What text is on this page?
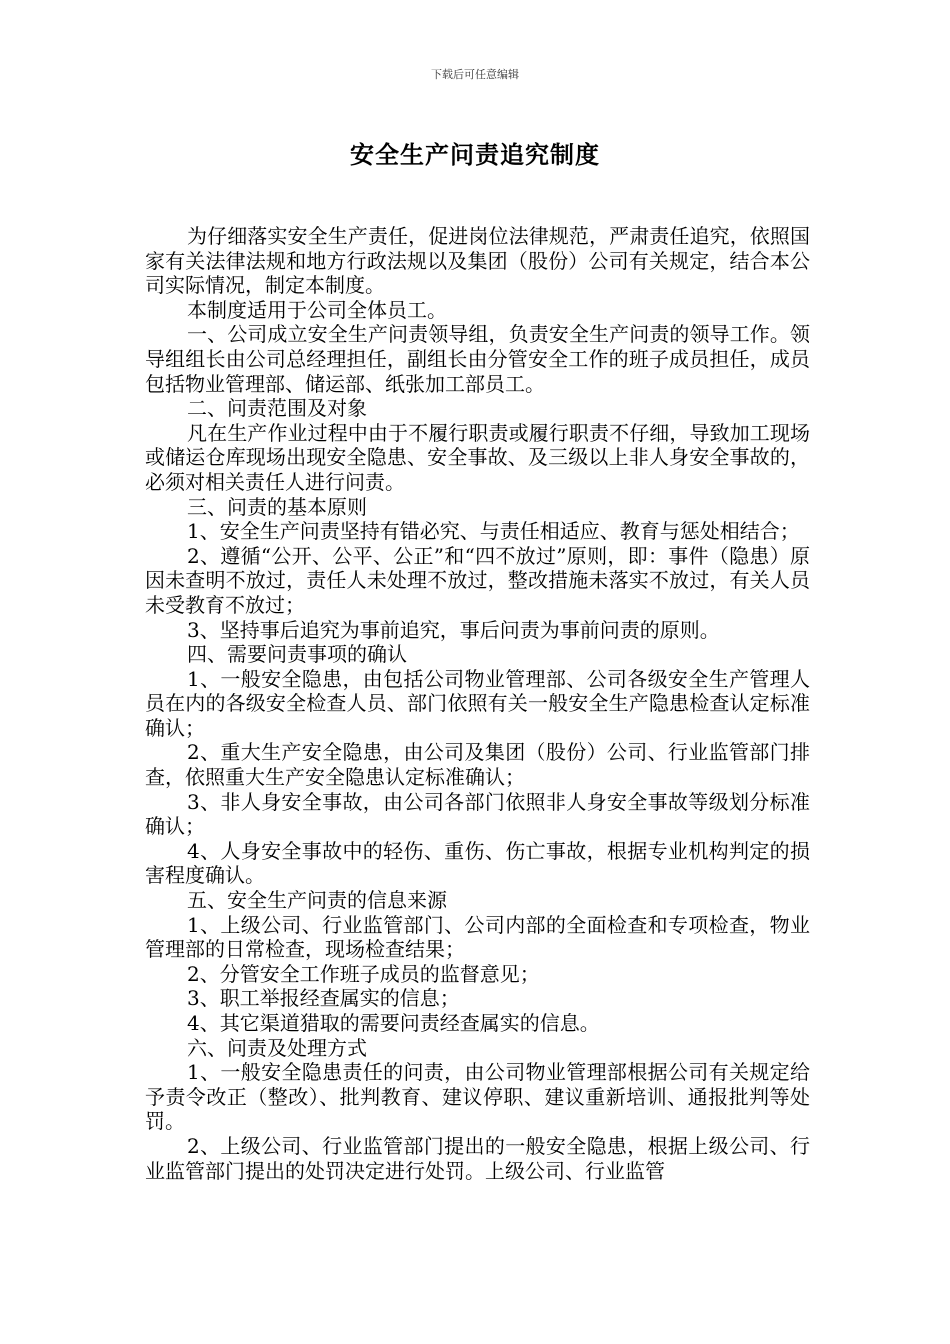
下载后可任意编辑
安全生产问责追究制度

为仔细落实安全生产责任，促进岗位法律规范，严肃责任追究，依照国家有关法律法规和地方行政法规以及集团（股份）公司有关规定，结合本公司实际情况，制定本制度。

本制度适用于公司全体员工。

一、公司成立安全生产问责领导组，负责安全生产问责的领导工作。领导组组长由公司总经理担任，副组长由分管安全工作的班子成员担任，成员包括物业管理部、储运部、纸张加工部员工。

二、问责范围及对象

凡在生产作业过程中由于不履行职责或履行职责不仔细，导致加工现场或储运仓库现场出现安全隐患、安全事故、及三级以上非人身安全事故的，必须对相关责任人进行问责。

三、问责的基本原则

1、安全生产问责坚持有错必究、与责任相适应、教育与惩处相结合；

2、遵循“公开、公平、公正”和“四不放过”原则，即：事件（隐患）原因未查明不放过，责任人未处理不放过，整改措施未落实不放过，有关人员未受教育不放过；

3、坚持事后追究为事前追究，事后问责为事前问责的原则。

四、需要问责事项的确认

1、一般安全隐患，由包括公司物业管理部、公司各级安全生产管理人员在内的各级安全检查人员、部门依照有关一般安全生产隐患检查认定标准确认；

2、重大生产安全隐患，由公司及集团（股份）公司、行业监管部门排查，依照重大生产安全隐患认定标准确认；

3、非人身安全事故，由公司各部门依照非人身安全事故等级划分标准确认；

4、人身安全事故中的轻伤、重伤、伤亡事故，根据专业机构判定的损害程度确认。

五、安全生产问责的信息来源

1、上级公司、行业监管部门、公司内部的全面检查和专项检查，物业管理部的日常检查，现场检查结果；

2、分管安全工作班子成员的监督意见；

3、职工举报经查属实的信息；

4、其它渠道猎取的需要问责经查属实的信息。

六、问责及处理方式

1、一般安全隐患责任的问责，由公司物业管理部根据公司有关规定给予责令改正（整改）、批判教育、建议停职、建议重新培训、通报批判等处罚。

2、上级公司、行业监管部门提出的一般安全隐患，根据上级公司、行业监管部门提出的处罚决定进行处罚。上级公司、行业监管
